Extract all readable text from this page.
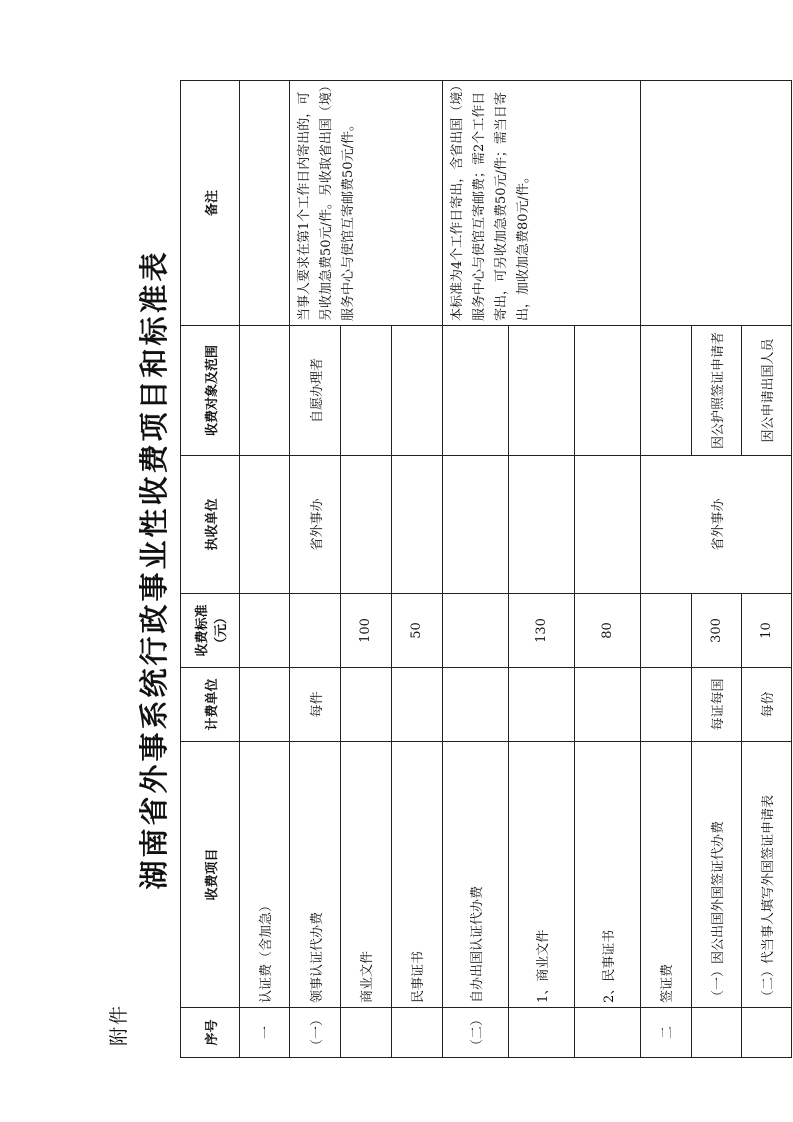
附件
湖南省外事系统行政事业性收费项目和标准表
序号	收费项目	计费单位	收费标准（元）	执收单位	收费对象及范围	备注
一	认证费（含加急）					
（一）	领事认证代办费	每件		省外事办	自愿办理者	当事人要求在第1个工作日内寄出的，可另收加急费50元/件。另收取省出国（境）服务中心与使馆互寄邮费50元/件。
	商业文件		100			
	民事证书		50			
（二）	自办出国认证代办费					本标准为4个工作日寄出，含省出国（境）服务中心与使馆互寄邮费；需2个工作日寄出，可另收加急费50元/件；需当日寄出，加收加急费80元/件。
	1、商业文件		130			
	2、民事证书		80			
二	签证费			省外事办		
	（一）因公出国外国签证代办费	每证每国	300		因公护照签证申请者	
	（二）代当事人填写外国签证申请表	每份	10		因公申请出国人员	
